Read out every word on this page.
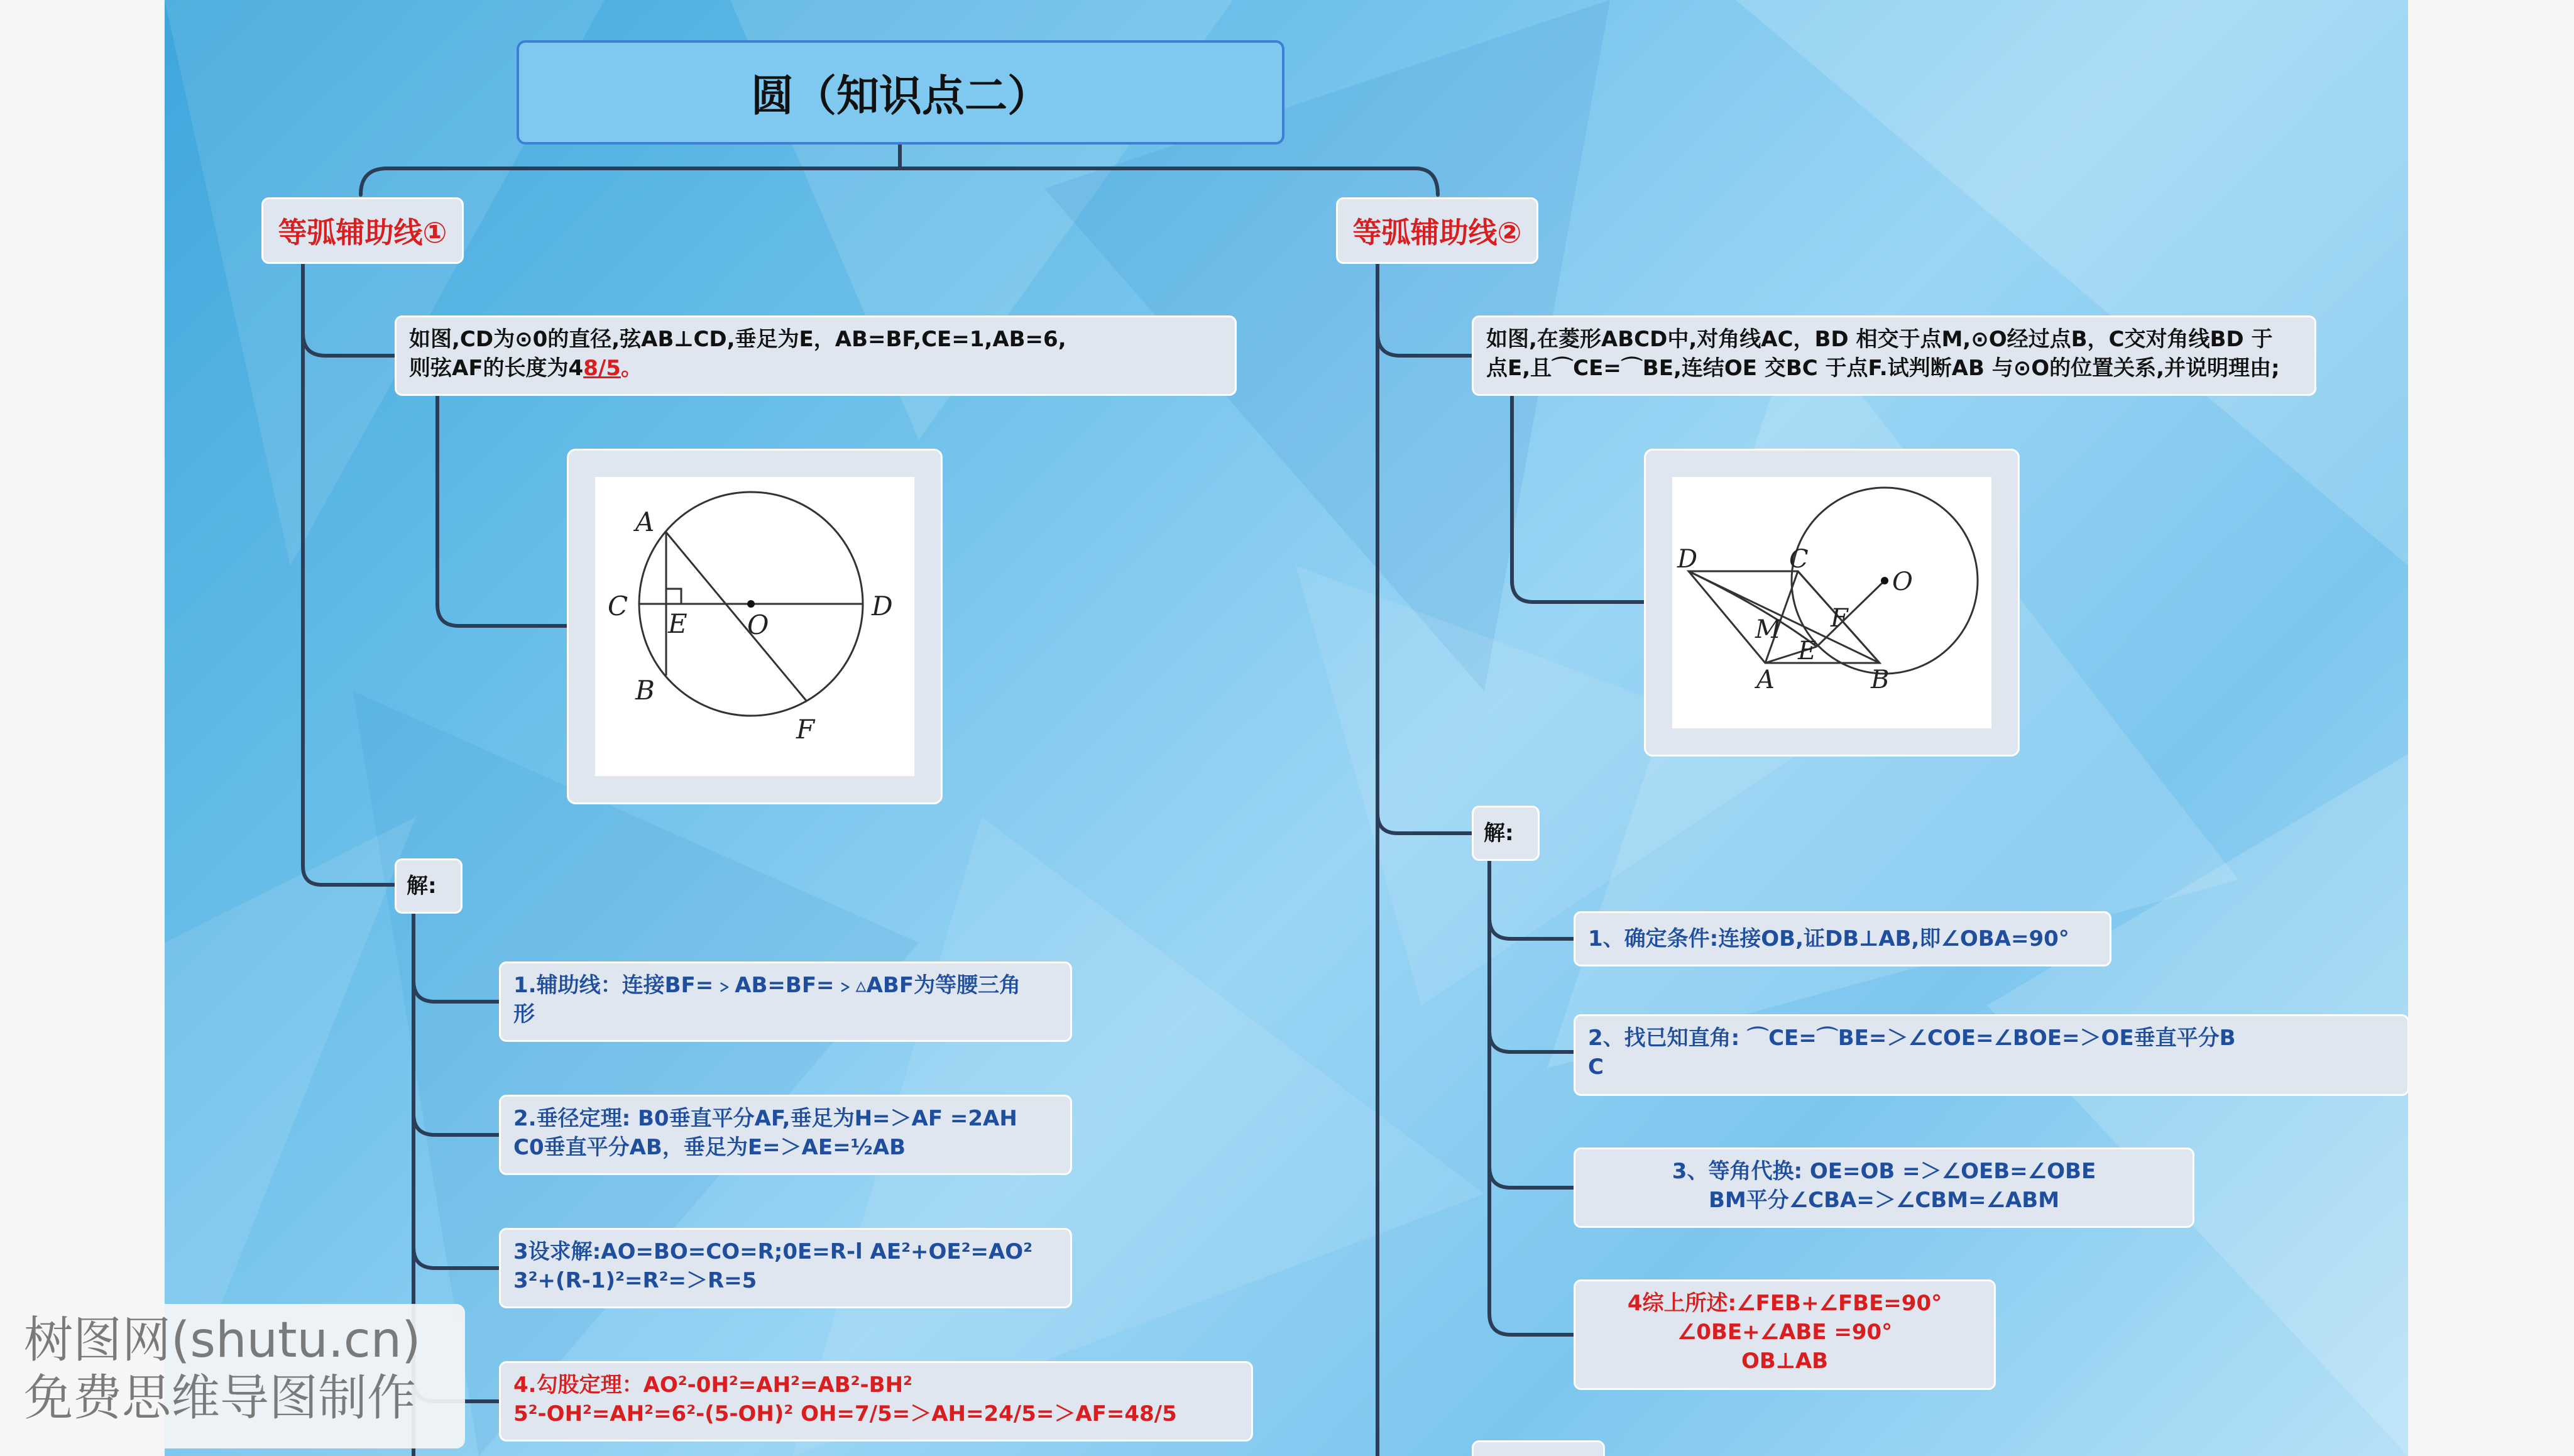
圆（知识点二）
等弧辅助线①
如图,CD为⊙0的直径,弦AB⊥CD,垂足为E，AB=BF,CE=1,AB=6,
则弦AF的长度为48/5。
A
C
E O
D
B
F
解:
1.辅助线：连接BF=﹥AB=BF=﹥▵ABF为等腰三角
形
2.垂径定理: B0垂直平分AF,垂足为H=＞AF =2AH
C0垂直平分AB，垂足为E=＞AE=½AB
3设求解:AO=BO=CO=R;0E=R-l AE²+OE²=AO²
3²+(R-1)²=R²=＞R=5
4.勾股定理：AO²-0H²=AH²=AB²-BH²
5²-OH²=AH²=6²-(5-OH)² OH=7/5=＞AH=24/5=＞AF=48/5
等弧辅助线②
如图,在菱形ABCD中,对角线AC，BD 相交于点M,⊙O经过点B，C交对角线BD 于
点E,且⌒CE=⌒BE,连结OE 交BC 于点F.试判断AB 与⊙O的位置关系,并说明理由;
D	C
O
M F
E
A	B
解:
1、确定条件:连接OB,证DB⊥AB,即∠OBA=90°
2、找已知直角: ⌒CE=⌒BE=＞∠COE=∠BOE=＞OE垂直平分B
C
3、等角代换: OE=OB =＞∠OEB=∠OBE
BM平分∠CBA=＞∠CBM=∠ABM
4综上所述:∠FEB+∠FBE=90°
∠0BE+∠ABE =90°
OB⊥AB
树图网(shutu.cn)
免费思维导图制作
